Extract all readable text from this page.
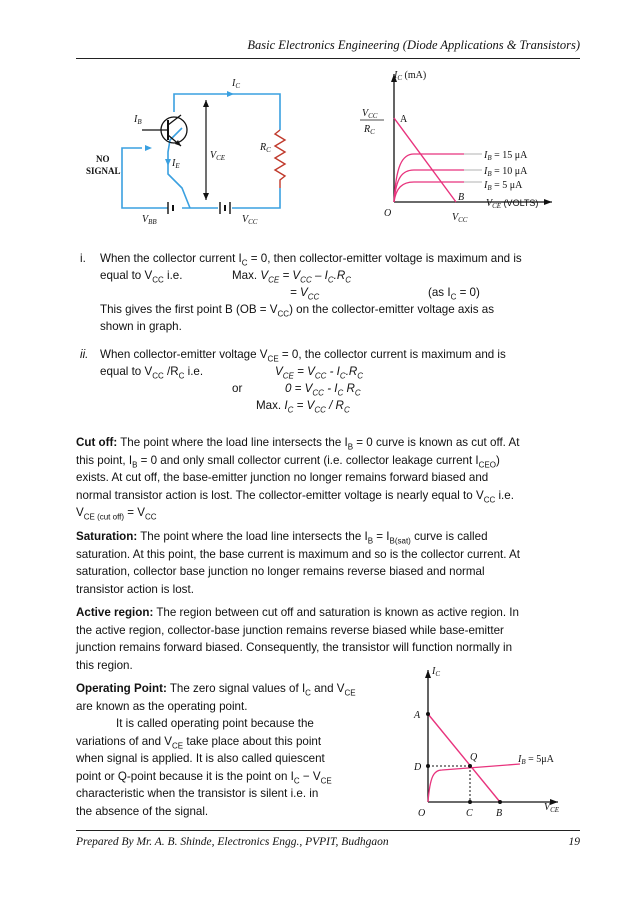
Basic Electronics Engineering (Diode Applications & Transistors)
$I_C$
$I_B$
$I_E$
$V_{CE}$
$R_C$
$V_{BB}$	$V_{CC}$
NO
SIGNAL
$I_C$ (mA)
$V_{CC}$
$R_C$
A
B
O	$V_{CC}$
$V_{CE}$ (VOLTS)
$I_B = 15$ μA
$I_B = 10$ μA
$I_B = 5$ μA
i. When the collector current $I_C = 0$, then collector-emitter voltage is maximum and is
equal to $V_{CC}$ i.e.	Max. $V_{CE} = V_{CC} - I_C.R_C$
= $V_{CC}$	(as $I_C = 0$)
This gives the first point B $(OB = V_{CC})$ on the collector-emitter voltage axis as
shown in graph.
ii. When collector-emitter voltage $V_{CE} = 0$, the collector current is maximum and is
equal to $V_{CC}$ $/R_C$ i.e.	$V_{CE} = V_{CC} - I_C.R_C$
or	$0 = V_{CC} - I_C$ $R_C$
Max. $I_C = V_{CC} / R_C$
Cut off: The point where the load line intersects the $I_B = 0$ curve is known as cut off. At
this point, $I_B = 0$ and only small collector current (i.e. collector leakage current $I_{CEO}$)
exists. At cut off, the base-emitter junction no longer remains forward biased and
normal transistor action is lost. The collector-emitter voltage is nearly equal to $V_{CC}$ i.e.
$V_{CE (cut off)} = V_{CC}$
Saturation: The point where the load line intersects the $I_B = I_{B(sat)}$ curve is called
saturation. At this point, the base current is maximum and so is the collector current. At
saturation, collector base junction no longer remains reverse biased and normal
transistor action is lost.
Active region: The region between cut off and saturation is known as active region. In
the active region, collector-base junction remains reverse biased while base-emitter
junction remains forward biased. Consequently, the transistor will function normally in
this region.
Operating Point: The zero signal values of $I_C$ and $V_{CE}$
are known as the operating point.
It is called operating point because the
variations of and $V_{CE}$ take place about this point
when signal is applied. It is also called quiescent
point or Q-point because it is the point on $I_C - V_{CE}$
characteristic when the transistor is silent i.e. in
the absence of the signal.
$I_C$
A
D
O
Q
C B
$V_{CE}$
$I_B = 5\mu A$
Prepared By Mr. A. B. Shinde, Electronics Engg., PVPIT, Budhgaon	19
